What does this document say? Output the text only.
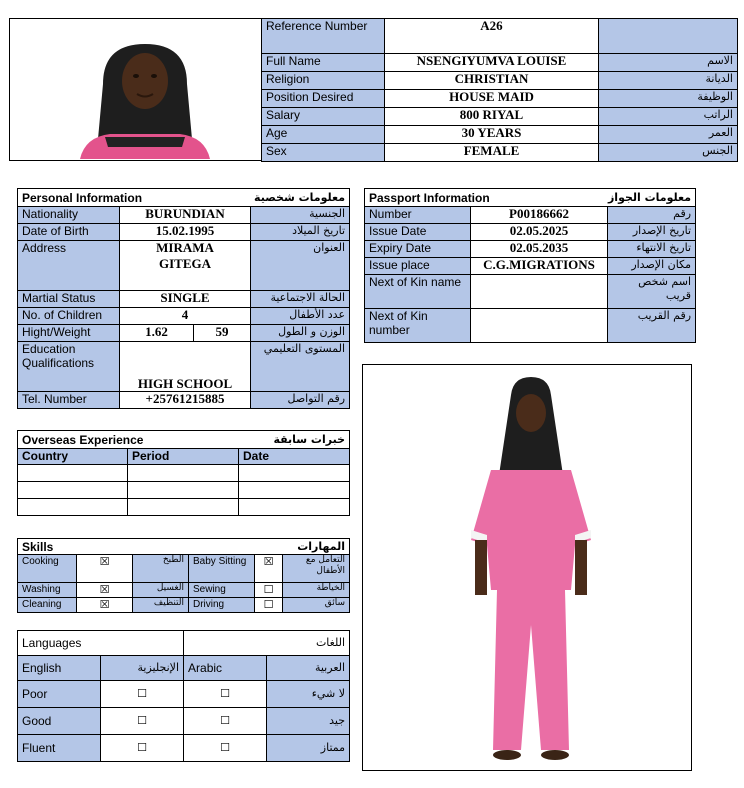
Reference Number	A26	
Full Name	NSENGIYUMVA LOUISE	الاسم
Religion	CHRISTIAN	الديانة
Position Desired	HOUSE MAID	الوظيفة
Salary	800 RIYAL	الراتب
Age	30 YEARS	العمر
Sex	FEMALE	الجنس
Personal Information معلومات شخصية			

Nationality	BURUNDIAN		الجنسية
Date of Birth	15.02.1995		تاريخ الميلاد
Address	MIRAMA
GITEGA		العنوان
Martial Status	SINGLE		الحالة الاجتماعية
No. of Children	4		عدد الأطفال
Hight/Weight	1.62	59	الوزن و الطول
Education Qualifications	HIGH SCHOOL		المستوى التعليمي
Tel. Number	+25761215885		رقم التواصل
Passport Information معلومات الجواز		

Number	P00186662	رقم
Issue Date	02.05.2025	تاريخ الإصدار
Expiry Date	02.05.2035	تاريخ الانتهاء
Issue place	C.G.MIGRATIONS	مكان الإصدار
Next of Kin name		اسم شخص قريب
Next of Kin number		رقم القريب
Overseas Experience خبرات سابقة		

Country	Period	Date

Skills المهارات					

Cooking	☒	الطبخ	Baby Sitting	☒	التعامل مع الأطفال
Washing	☒	الغسيل	Sewing	☐	الخياطة
Cleaning	☒	التنظيف	Driving	☐	سائق
Languages		اللغات	
English	الإنجليزية	Arabic	العربية
Poor	☐	☐	لا شيء
Good	☐	☐	جيد
Fluent	☐	☐	ممتاز
